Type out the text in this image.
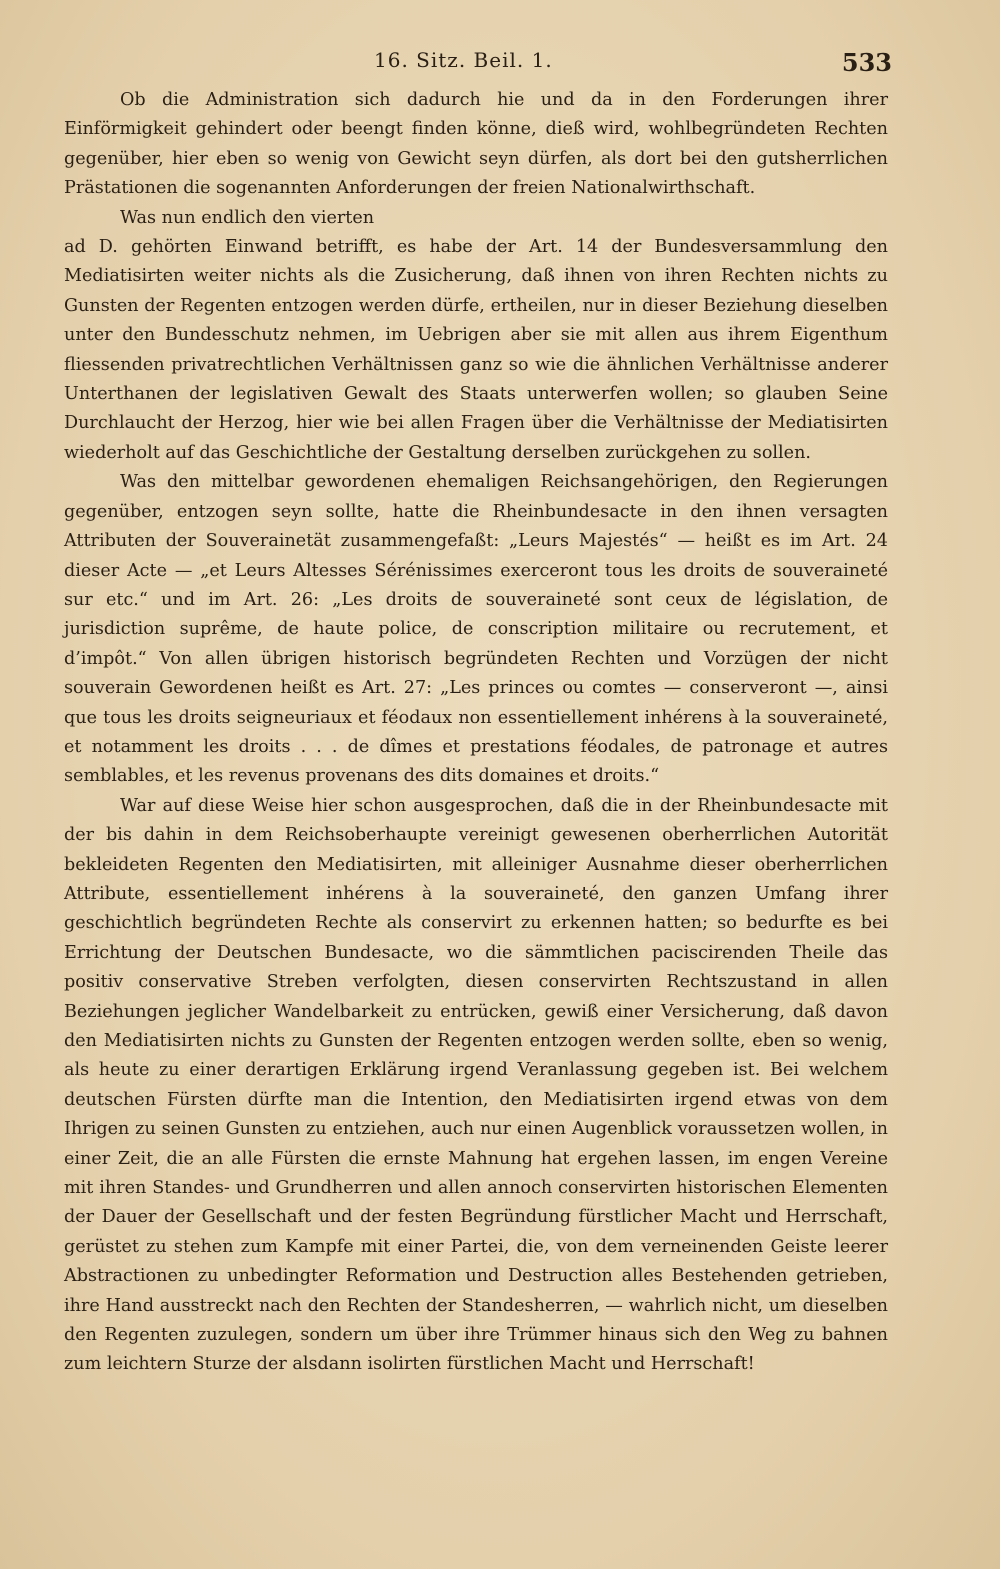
16. Sitz. Beil. 1.	533

Ob die Administration sich dadurch hie und da in den Forderungen ihrer Einförmigkeit gehindert oder beengt finden könne, dieß wird, wohlbegründeten Rechten gegenüber, hier eben so wenig von Gewicht seyn dürfen, als dort bei den gutsherrlichen Prästationen die sogenannten Anforderungen der freien Nationalwirthschaft.

Was nun endlich den vierten

ad D. gehörten Einwand betrifft, es habe der Art. 14 der Bundesversammlung den Mediatisirten weiter nichts als die Zusicherung, daß ihnen von ihren Rechten nichts zu Gunsten der Regenten entzogen werden dürfe, ertheilen, nur in dieser Beziehung dieselben unter den Bundesschutz nehmen, im Uebrigen aber sie mit allen aus ihrem Eigenthum fliessenden privatrechtlichen Verhältnissen ganz so wie die ähnlichen Verhältnisse anderer Unterthanen der legislativen Gewalt des Staats unterwerfen wollen; so glauben Seine Durchlaucht der Herzog, hier wie bei allen Fragen über die Verhältnisse der Mediatisirten wiederholt auf das Geschichtliche der Gestaltung derselben zurückgehen zu sollen.

Was den mittelbar gewordenen ehemaligen Reichsangehörigen, den Regierungen gegenüber, entzogen seyn sollte, hatte die Rheinbundesacte in den ihnen versagten Attributen der Souverainetät zusammengefaßt: „Leurs Majestés“ — heißt es im Art. 24 dieser Acte — „et Leurs Altesses Sérénissimes exerceront tous les droits de souveraineté sur etc.“ und im Art. 26: „Les droits de souveraineté sont ceux de législation, de jurisdiction suprême, de haute police, de conscription militaire ou recrutement, et d’impôt.“ Von allen übrigen historisch begründeten Rechten und Vorzügen der nicht souverain Gewordenen heißt es Art. 27: „Les princes ou comtes — conserveront —, ainsi que tous les droits seigneuriaux et féodaux non essentiellement inhérens à la souveraineté, et notamment les droits . . . de dîmes et prestations féodales, de patronage et autres semblables, et les revenus provenans des dits domaines et droits.“

War auf diese Weise hier schon ausgesprochen, daß die in der Rheinbundesacte mit der bis dahin in dem Reichsoberhaupte vereinigt gewesenen oberherrlichen Autorität bekleideten Regenten den Mediatisirten, mit alleiniger Ausnahme dieser oberherrlichen Attribute, essentiellement inhérens à la souveraineté, den ganzen Umfang ihrer geschichtlich begründeten Rechte als conservirt zu erkennen hatten; so bedurfte es bei Errichtung der Deutschen Bundesacte, wo die sämmtlichen paciscirenden Theile das positiv conservative Streben verfolgten, diesen conservirten Rechtszustand in allen Beziehungen jeglicher Wandelbarkeit zu entrücken, gewiß einer Versicherung, daß davon den Mediatisirten nichts zu Gunsten der Regenten entzogen werden sollte, eben so wenig, als heute zu einer derartigen Erklärung irgend Veranlassung gegeben ist. Bei welchem deutschen Fürsten dürfte man die Intention, den Mediatisirten irgend etwas von dem Ihrigen zu seinen Gunsten zu entziehen, auch nur einen Augenblick voraussetzen wollen, in einer Zeit, die an alle Fürsten die ernste Mahnung hat ergehen lassen, im engen Vereine mit ihren Standes- und Grundherren und allen annoch conservirten historischen Elementen der Dauer der Gesellschaft und der festen Begründung fürstlicher Macht und Herrschaft, gerüstet zu stehen zum Kampfe mit einer Partei, die, von dem verneinenden Geiste leerer Abstractionen zu unbedingter Reformation und Destruction alles Bestehenden getrieben, ihre Hand ausstreckt nach den Rechten der Standesherren, — wahrlich nicht, um dieselben den Regenten zuzulegen, sondern um über ihre Trümmer hinaus sich den Weg zu bahnen zum leichtern Sturze der alsdann isolirten fürstlichen Macht und Herrschaft!
